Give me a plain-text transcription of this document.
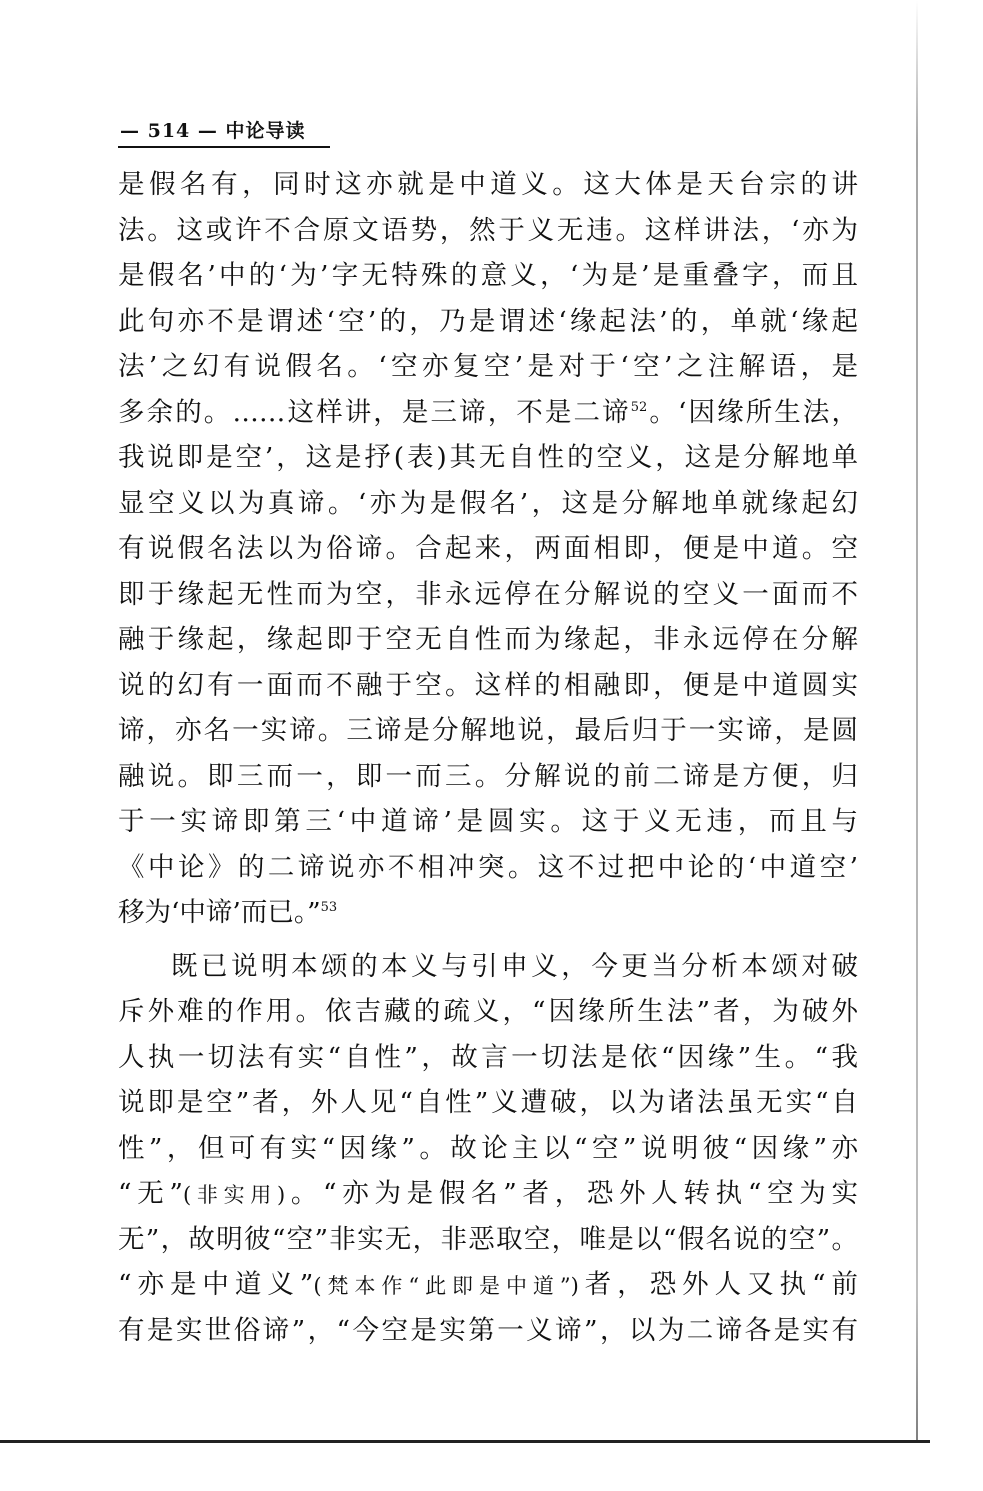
— 514 — 中论导读
是假名有，同时这亦就是中道义。这大体是天台宗的讲
法。这或许不合原文语势，然于义无违。这样讲法，‘亦为
是假名’中的‘为’字无特殊的意义，‘为是’是重叠字，而且
此句亦不是谓述‘空’的，乃是谓述‘缘起法’的，单就‘缘起
法’之幻有说假名。‘空亦复空’是对于‘空’之注解语，是
多余的。……这样讲，是三谛，不是二谛$^{52}$。‘因缘所生法，
我说即是空’，这是抒(表)其无自性的空义，这是分解地单
显空义以为真谛。‘亦为是假名’，这是分解地单就缘起幻
有说假名法以为俗谛。合起来，两面相即，便是中道。空
即于缘起无性而为空，非永远停在分解说的空义一面而不
融于缘起，缘起即于空无自性而为缘起，非永远停在分解
说的幻有一面而不融于空。这样的相融即，便是中道圆实
谛，亦名一实谛。三谛是分解地说，最后归于一实谛，是圆
融说。即三而一，即一而三。分解说的前二谛是方便，归
于一实谛即第三‘中道谛’是圆实。这于义无违，而且与
《中论》的二谛说亦不相冲突。这不过把中论的‘中道空’
移为‘中谛’而已。”$^{53}$
既已说明本颂的本义与引申义，今更当分析本颂对破
斥外难的作用。依吉藏的疏义，“因缘所生法”者，为破外
人执一切法有实“自性”，故言一切法是依“因缘”生。“我
说即是空”者，外人见“自性”义遭破，以为诸法虽无实“自
性”，但可有实“因缘”。故论主以“空”说明彼“因缘”亦
“无”(非实用)。“亦为是假名”者，恐外人转执“空为实
无”，故明彼“空”非实无，非恶取空，唯是以“假名说的空”。
“亦是中道义”(梵本作“此即是中道”)者，恐外人又执“前
有是实世俗谛”，“今空是实第一义谛”，以为二谛各是实有
